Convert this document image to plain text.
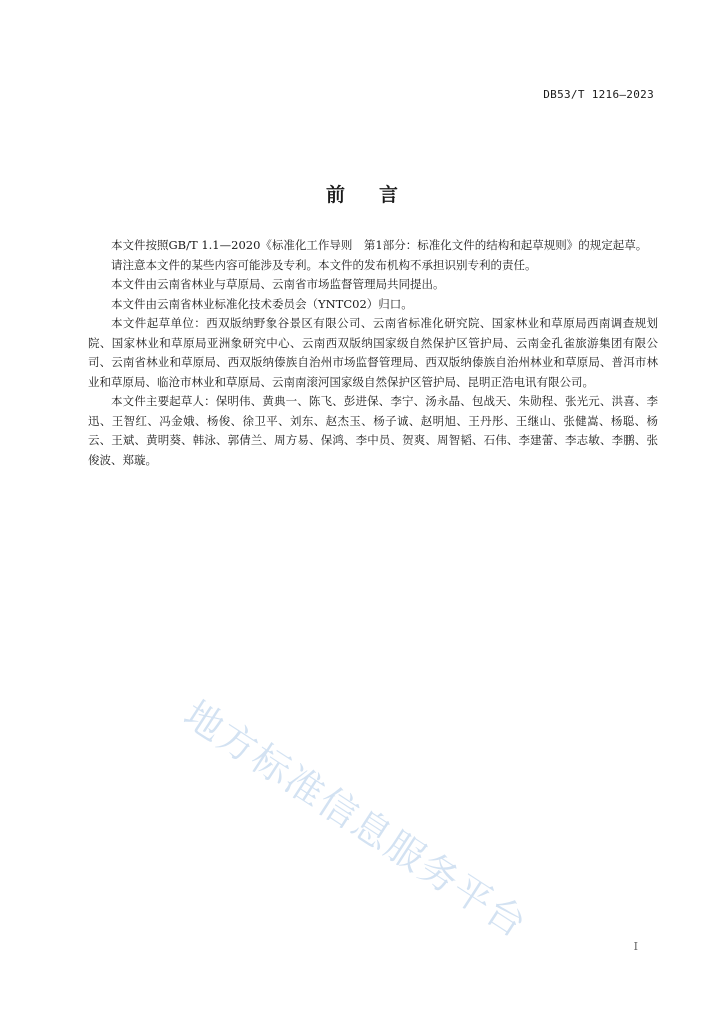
DB53/T 1216—2023
前 言

本文件按照GB/T 1.1—2020《标准化工作导则　第1部分：标准化文件的结构和起草规则》的规定起草。

请注意本文件的某些内容可能涉及专利。本文件的发布机构不承担识别专利的责任。

本文件由云南省林业与草原局、云南省市场监督管理局共同提出。

本文件由云南省林业标准化技术委员会（YNTC02）归口。

本文件起草单位：西双版纳野象谷景区有限公司、云南省标准化研究院、国家林业和草原局西南调查规划院、国家林业和草原局亚洲象研究中心、云南西双版纳国家级自然保护区管护局、云南金孔雀旅游集团有限公司、云南省林业和草原局、西双版纳傣族自治州市场监督管理局、西双版纳傣族自治州林业和草原局、普洱市林业和草原局、临沧市林业和草原局、云南南滚河国家级自然保护区管护局、昆明正浩电讯有限公司。

本文件主要起草人：保明伟、黄典一、陈飞、彭进保、李宁、汤永晶、包战天、朱勋程、张光元、洪喜、李迅、王智红、冯金娥、杨俊、徐卫平、刘东、赵杰玉、杨子诚、赵明旭、王丹彤、王继山、张健嵩、杨聪、杨云、王斌、黄明葵、韩泳、郭倩兰、周方易、保鸿、李中员、贺爽、周智韬、石伟、李建蕾、李志敏、李鹏、张俊波、郑璇。

地方标准信息服务平台	I
